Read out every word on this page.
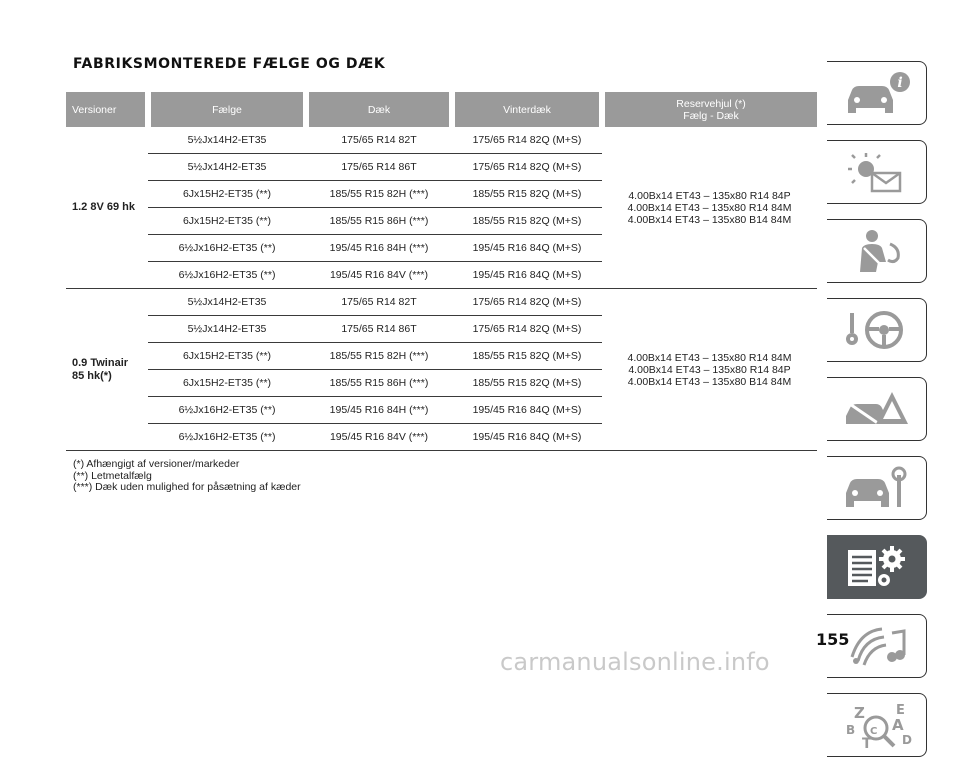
FABRIKSMONTEREDE FÆLGE OG DÆK
Versioner	Fælge	Dæk	Vinterdæk	Reservehjul (*)
Fælg - Dæk
1.2 8V 69 hk	5½Jx14H2-ET35	175/65 R14 82T	175/65 R14 82Q (M+S)	4.00Bx14 ET43 – 135x80 R14 84P
4.00Bx14 ET43 – 135x80 R14 84M
4.00Bx14 ET43 – 135x80 B14 84M

	5½Jx14H2-ET35	175/65 R14 86T	175/65 R14 82Q (M+S)	
	6Jx15H2-ET35 (**)	185/55 R15 82H (***)	185/55 R15 82Q (M+S)	
	6Jx15H2-ET35 (**)	185/55 R15 86H (***)	185/55 R15 82Q (M+S)	
	6½Jx16H2-ET35 (**)	195/45 R16 84H (***)	195/45 R16 84Q (M+S)	
	6½Jx16H2-ET35 (**)	195/45 R16 84V (***)	195/45 R16 84Q (M+S)	
0.9 Twinair
85 hk(*)	5½Jx14H2-ET35	175/65 R14 82T	175/65 R14 82Q (M+S)	4.00Bx14 ET43 – 135x80 R14 84M
4.00Bx14 ET43 – 135x80 R14 84P
4.00Bx14 ET43 – 135x80 B14 84M

	5½Jx14H2-ET35	175/65 R14 86T	175/65 R14 82Q (M+S)	
	6Jx15H2-ET35 (**)	185/55 R15 82H (***)	185/55 R15 82Q (M+S)	
	6Jx15H2-ET35 (**)	185/55 R15 86H (***)	185/55 R15 82Q (M+S)	
	6½Jx16H2-ET35 (**)	195/45 R16 84H (***)	195/45 R16 84Q (M+S)	
	6½Jx16H2-ET35 (**)	195/45 R16 84V (***)	195/45 R16 84Q (M+S)	
(*) Afhængigt af versioner/markeder
(**) Letmetalfælg
(***) Dæk uden mulighed for påsætning af kæder
i
Z E
B A
C
D
T
155
carmanualsonline.info
